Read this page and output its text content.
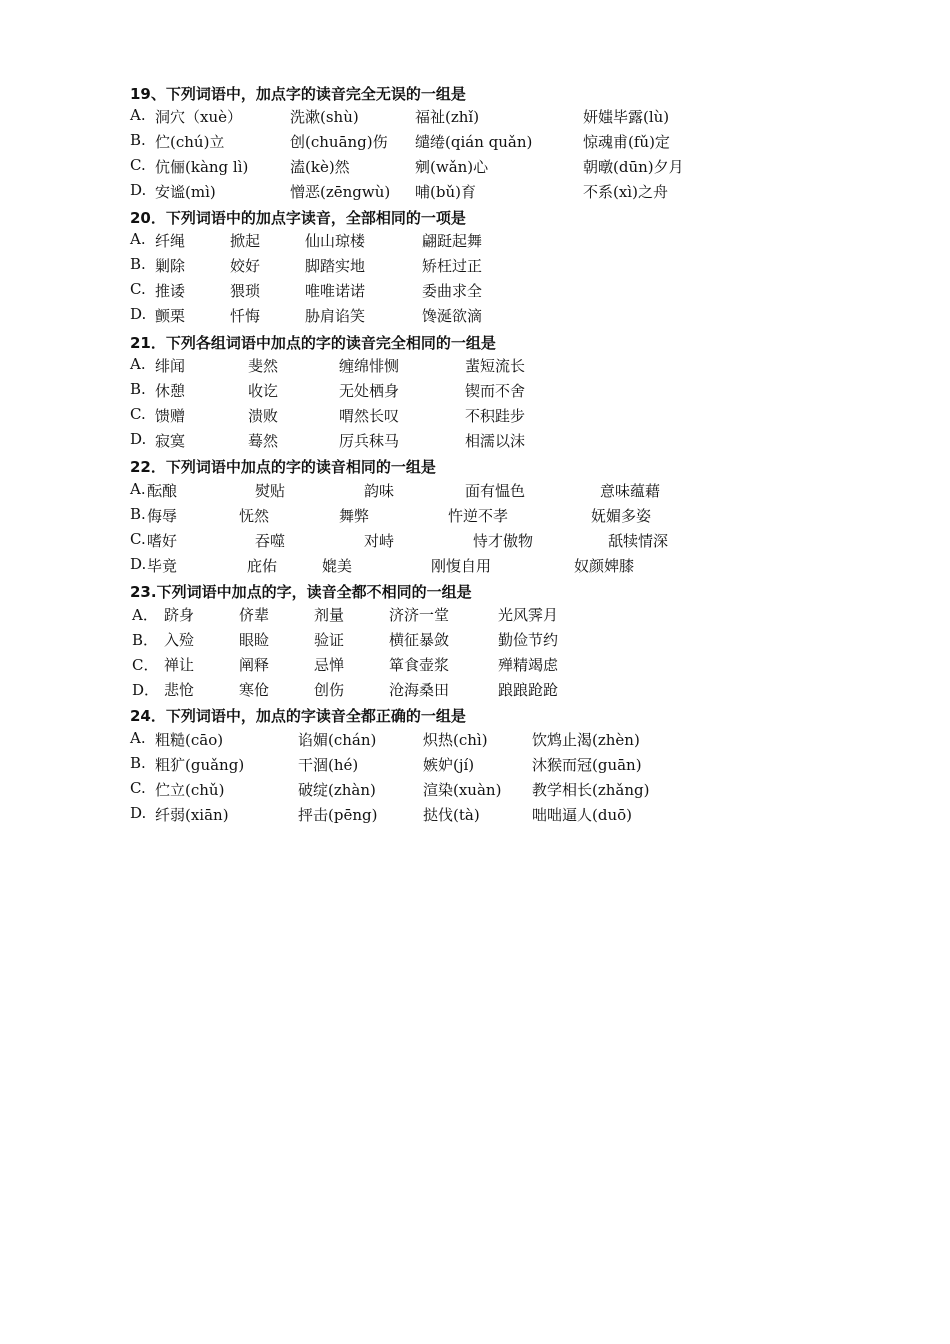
19、下列词语中，加点字的读音完全无误的一组是
A. 洞穴（xuè）	洗漱(shù)	福祉(zhǐ)	妍媸毕露(lù)
B. 伫(chú)立	创(chuāng)伤 缱绻(qián quǎn)	惊魂甫(fǔ)定
C. 伉俪(kàng lì)	溘(kè)然	剜(wǎn)心	朝暾(dūn)夕月
D. 安谧(mì)	憎恶(zēngwù) 哺(bǔ)育	不系(xì)之舟
20．下列词语中的加点字读音，全部相同的一项是
A. 纤绳	掀起	仙山琼楼	翩跹起舞
B. 剿除	姣好	脚踏实地	矫枉过正
C. 推诿	猥琐	唯唯诺诺	委曲求全
D. 颤栗	忏悔	胁肩谄笑	馋涎欲滴
21．下列各组词语中加点的字的读音完全相同的一组是
A. 绯闻	斐然	缠绵悱恻	蜚短流长
B. 休憩	收讫	无处栖身	锲而不舍
C. 馈赠	溃败	喟然长叹	不积跬步
D. 寂寞	蓦然	厉兵秣马	相濡以沫
22．下列词语中加点的字的读音相同的一组是
A. 酝酿	熨贴	韵味	面有愠色	意味蕴藉
B. 侮辱	怃然	舞弊	忤逆不孝	妩媚多姿
C. 嗜好	吞噬	对峙	恃才傲物	舐犊情深
D. 毕竟	庇佑	媲美	刚愎自用	奴颜婢膝
23.下列词语中加点的字，读音全都不相同的一组是
A． 跻身	侪辈	剂量	济济一堂	光风霁月
B． 入殓	眼睑	验证	横征暴敛	勤俭节约
C． 禅让	阐释	忌惮	箪食壶浆	殚精竭虑
D． 悲怆	寒伧	创伤	沧海桑田	踉踉跄跄
24．下列词语中，加点的字读音全都正确的一组是
A. 粗糙(cāo)	谄媚(chán)	炽热(chì)	饮鸩止渴(zhèn)
B. 粗犷(guǎng)	干涸(hé)	嫉妒(jí)	沐猴而冠(guān)
C. 伫立(chǔ)	破绽(zhàn)	渲染(xuàn) 教学相长(zhǎng)
D. 纤弱(xiān)	抨击(pēng)	挞伐(tà)	咄咄逼人(duō)
